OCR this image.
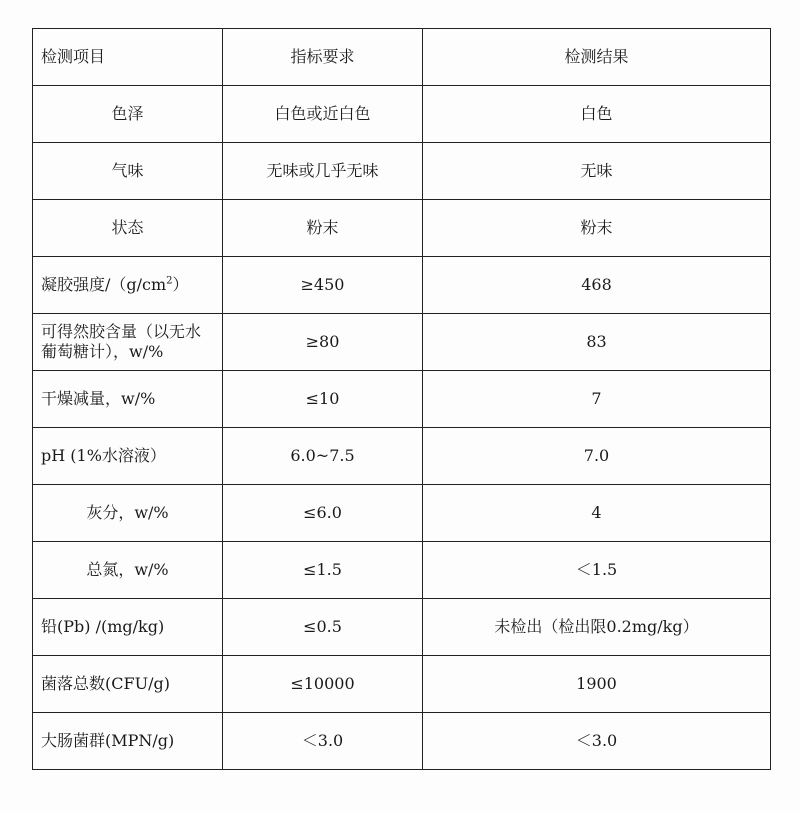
检测项目	指标要求	检测结果
色泽	白色或近白色	白色
气味	无味或几乎无味	无味
状态	粉末	粉末
凝胶强度$/(g/cm^2)$	≥450	468
可得然胶含量（以无水葡萄糖计），w/%	≥80	83
干燥减量，w/%	≤10	7
pH (1%水溶液）	6.0~7.5	7.0
灰分，w/%	≤6.0	4
总氮，w/%	≤1.5	＜1.5
铅(Pb) /(mg/kg)	≤0.5	未检出（检出限0.2mg/kg）
菌落总数(CFU/g)	≤10000	1900
大肠菌群(MPN/g)	＜3.0	＜3.0
